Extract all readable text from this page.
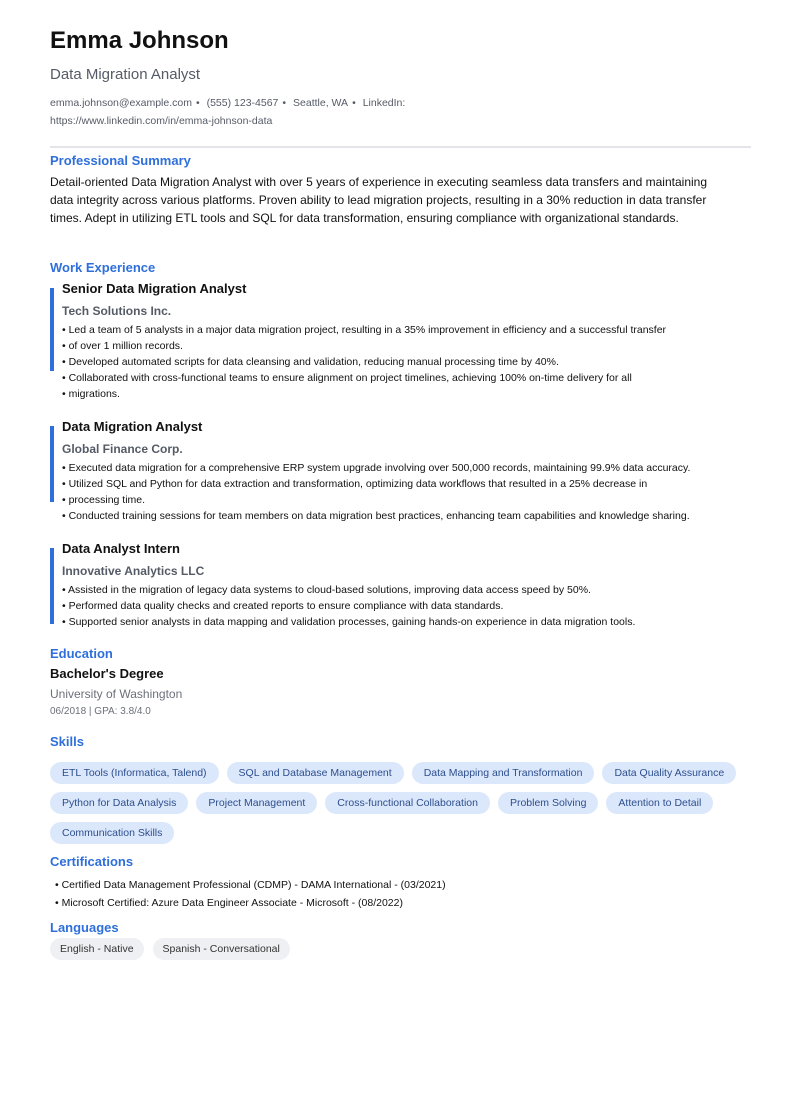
Emma Johnson
Data Migration Analyst
emma.johnson@example.com • (555) 123-4567 • Seattle, WA • LinkedIn:
https://www.linkedin.com/in/emma-johnson-data
Professional Summary
Detail-oriented Data Migration Analyst with over 5 years of experience in executing seamless data transfers and maintaining data integrity across various platforms. Proven ability to lead migration projects, resulting in a 30% reduction in data transfer times. Adept in utilizing ETL tools and SQL for data transformation, ensuring compliance with organizational standards.
Work Experience
Senior Data Migration Analyst
Tech Solutions Inc.
• Led a team of 5 analysts in a major data migration project, resulting in a 35% improvement in efficiency and a successful transfer
• of over 1 million records.
• Developed automated scripts for data cleansing and validation, reducing manual processing time by 40%.
• Collaborated with cross-functional teams to ensure alignment on project timelines, achieving 100% on-time delivery for all
• migrations.
Data Migration Analyst
Global Finance Corp.
• Executed data migration for a comprehensive ERP system upgrade involving over 500,000 records, maintaining 99.9% data accuracy.
• Utilized SQL and Python for data extraction and transformation, optimizing data workflows that resulted in a 25% decrease in
• processing time.
• Conducted training sessions for team members on data migration best practices, enhancing team capabilities and knowledge sharing.
Data Analyst Intern
Innovative Analytics LLC
• Assisted in the migration of legacy data systems to cloud-based solutions, improving data access speed by 50%.
• Performed data quality checks and created reports to ensure compliance with data standards.
• Supported senior analysts in data mapping and validation processes, gaining hands-on experience in data migration tools.
Education
Bachelor's Degree
University of Washington
06/2018 | GPA: 3.8/4.0
Skills
ETL Tools (Informatica, Talend)	SQL and Database Management	Data Mapping and Transformation	Data Quality Assurance
Python for Data Analysis	Project Management	Cross-functional Collaboration	Problem Solving	Attention to Detail
Communication Skills
Certifications
• Certified Data Management Professional (CDMP) - DAMA International - (03/2021)
• Microsoft Certified: Azure Data Engineer Associate - Microsoft - (08/2022)
Languages
English - Native	Spanish - Conversational
